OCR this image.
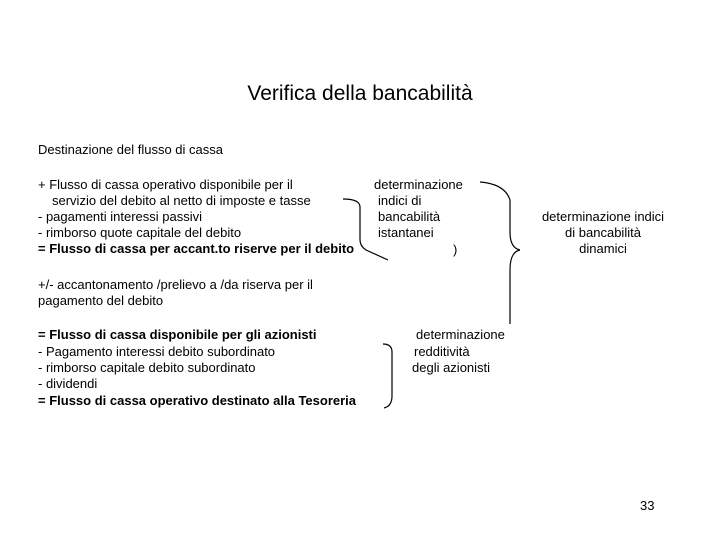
Verifica della bancabilità
Destinazione del flusso di cassa
+ Flusso di cassa operativo disponibile per il
servizio del debito al netto di imposte e tasse
- pagamenti interessi passivi
- rimborso quote capitale del debito
= Flusso di cassa per accant.to riserve per il debito
determinazione
indici di
bancabilità
istantanei
)
determinazione indici
di bancabilità
dinamici
+/- accantonamento /prelievo a /da riserva per il
pagamento del debito
= Flusso di cassa disponibile per gli azionisti
- Pagamento interessi debito subordinato
- rimborso capitale debito subordinato
- dividendi
= Flusso di cassa operativo destinato alla Tesoreria
determinazione
redditività
degli azionisti
33
